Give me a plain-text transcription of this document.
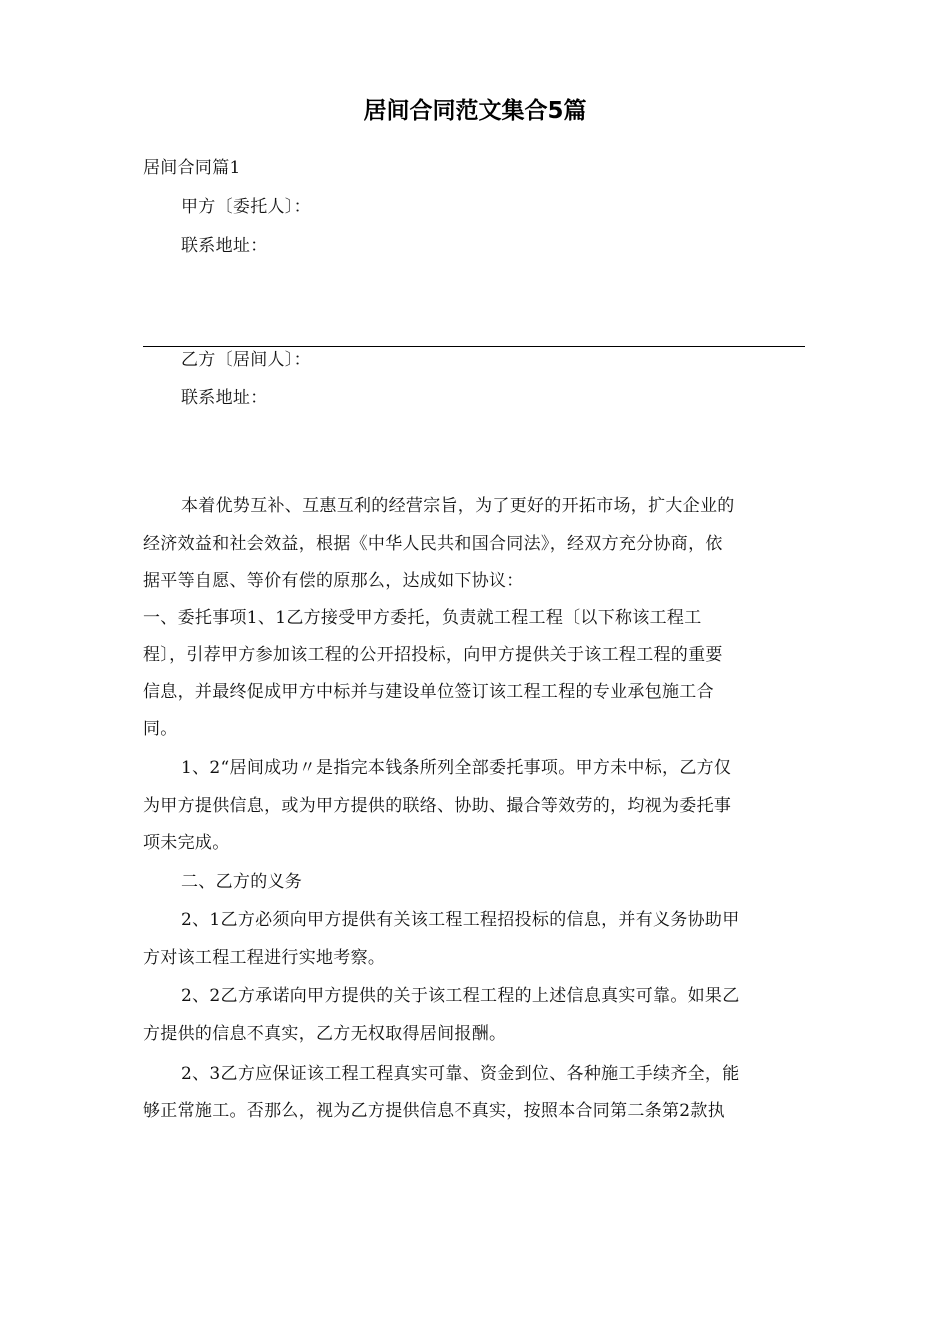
居间合同范文集合5篇
居间合同篇1
甲方〔委托人〕：
联系地址：
乙方〔居间人〕：
联系地址：
本着优势互补、互惠互利的经营宗旨，为了更好的开拓市场，扩大企业的
经济效益和社会效益，根据《中华人民共和国合同法》，经双方充分协商，依
据平等自愿、等价有偿的原那么，达成如下协议：
一、委托事项1、1乙方接受甲方委托，负责就工程工程〔以下称该工程工
程〕，引荐甲方参加该工程的公开招投标，向甲方提供关于该工程工程的重要
信息，并最终促成甲方中标并与建设单位签订该工程工程的专业承包施工合
同。
1、2“居间成功〃是指完本钱条所列全部委托事项。甲方未中标，乙方仅
为甲方提供信息，或为甲方提供的联络、协助、撮合等效劳的，均视为委托事
项未完成。
二、乙方的义务
2、1乙方必须向甲方提供有关该工程工程招投标的信息，并有义务协助甲
方对该工程工程进行实地考察。
2、2乙方承诺向甲方提供的关于该工程工程的上述信息真实可靠。如果乙
方提供的信息不真实，乙方无权取得居间报酬。
2、3乙方应保证该工程工程真实可靠、资金到位、各种施工手续齐全，能
够正常施工。否那么，视为乙方提供信息不真实，按照本合同第二条第2款执
